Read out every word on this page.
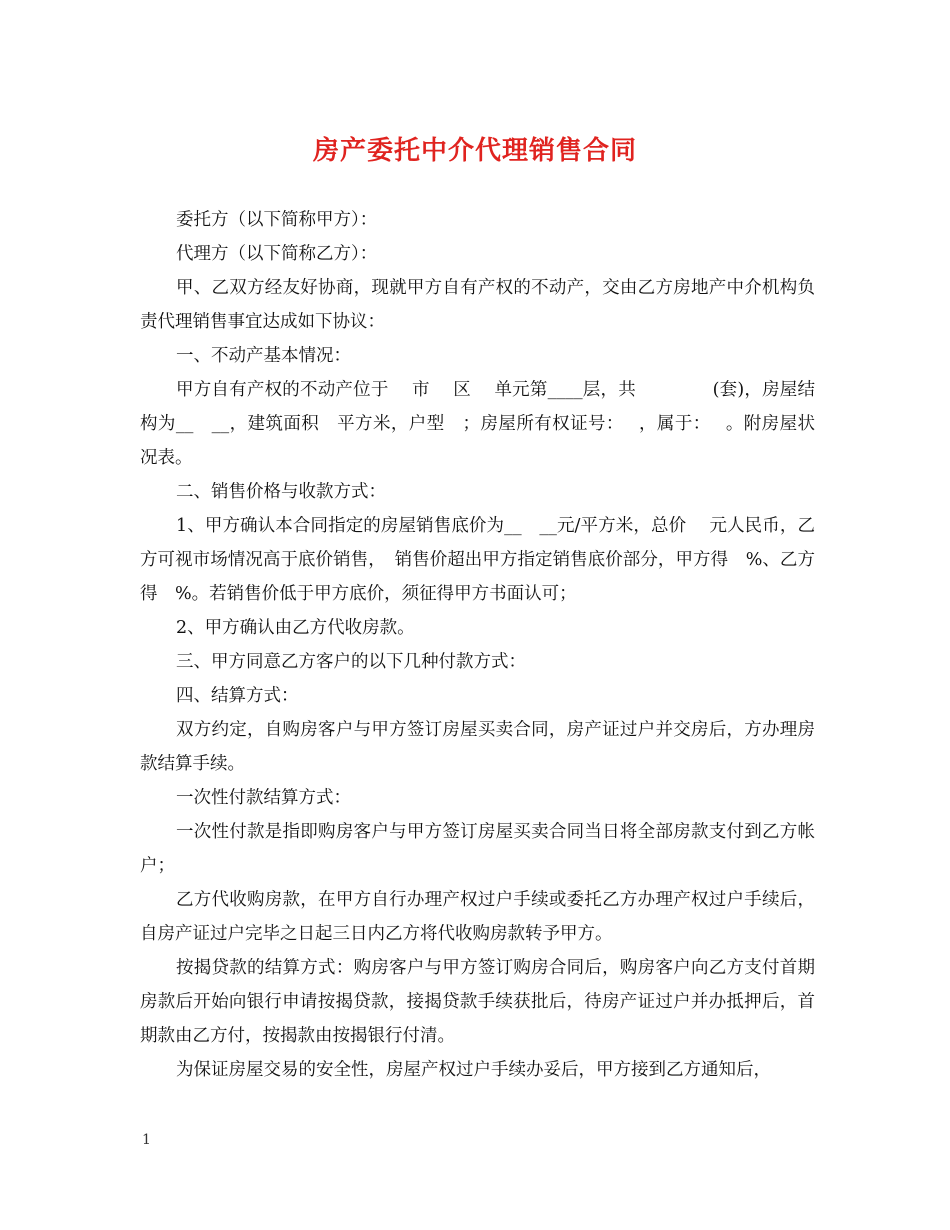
房产委托中介代理销售合同

委托方（以下简称甲方）：

代理方（以下简称乙方）：

甲、乙双方经友好协商，现就甲方自有产权的不动产，交由乙方房地产中介机构负责代理销售事宜达成如下协议：

一、不动产基本情况：

甲方自有产权的不动产位于　 市　 区　 单元第____层，共　　　　 (套)，房屋结构为__　__，建筑面积　平方米，户型　；房屋所有权证号：　 ，属于：　 。附房屋状况表。

二、销售价格与收款方式：

1、甲方确认本合同指定的房屋销售底价为__　__元/平方米，总价　 元人民币，乙方可视市场情况高于底价销售，　销售价超出甲方指定销售底价部分，甲方得　%、乙方得　%。若销售价低于甲方底价，须征得甲方书面认可；

2、甲方确认由乙方代收房款。

三、甲方同意乙方客户的以下几种付款方式：

四、结算方式：

双方约定，自购房客户与甲方签订房屋买卖合同，房产证过户并交房后，方办理房款结算手续。

一次性付款结算方式：

一次性付款是指即购房客户与甲方签订房屋买卖合同当日将全部房款支付到乙方帐户；

乙方代收购房款，在甲方自行办理产权过户手续或委托乙方办理产权过户手续后，自房产证过户完毕之日起三日内乙方将代收购房款转予甲方。

按揭贷款的结算方式：购房客户与甲方签订购房合同后，购房客户向乙方支付首期房款后开始向银行申请按揭贷款，接揭贷款手续获批后，待房产证过户并办抵押后，首期款由乙方付，按揭款由按揭银行付清。

为保证房屋交易的安全性，房屋产权过户手续办妥后，甲方接到乙方通知后，

1
